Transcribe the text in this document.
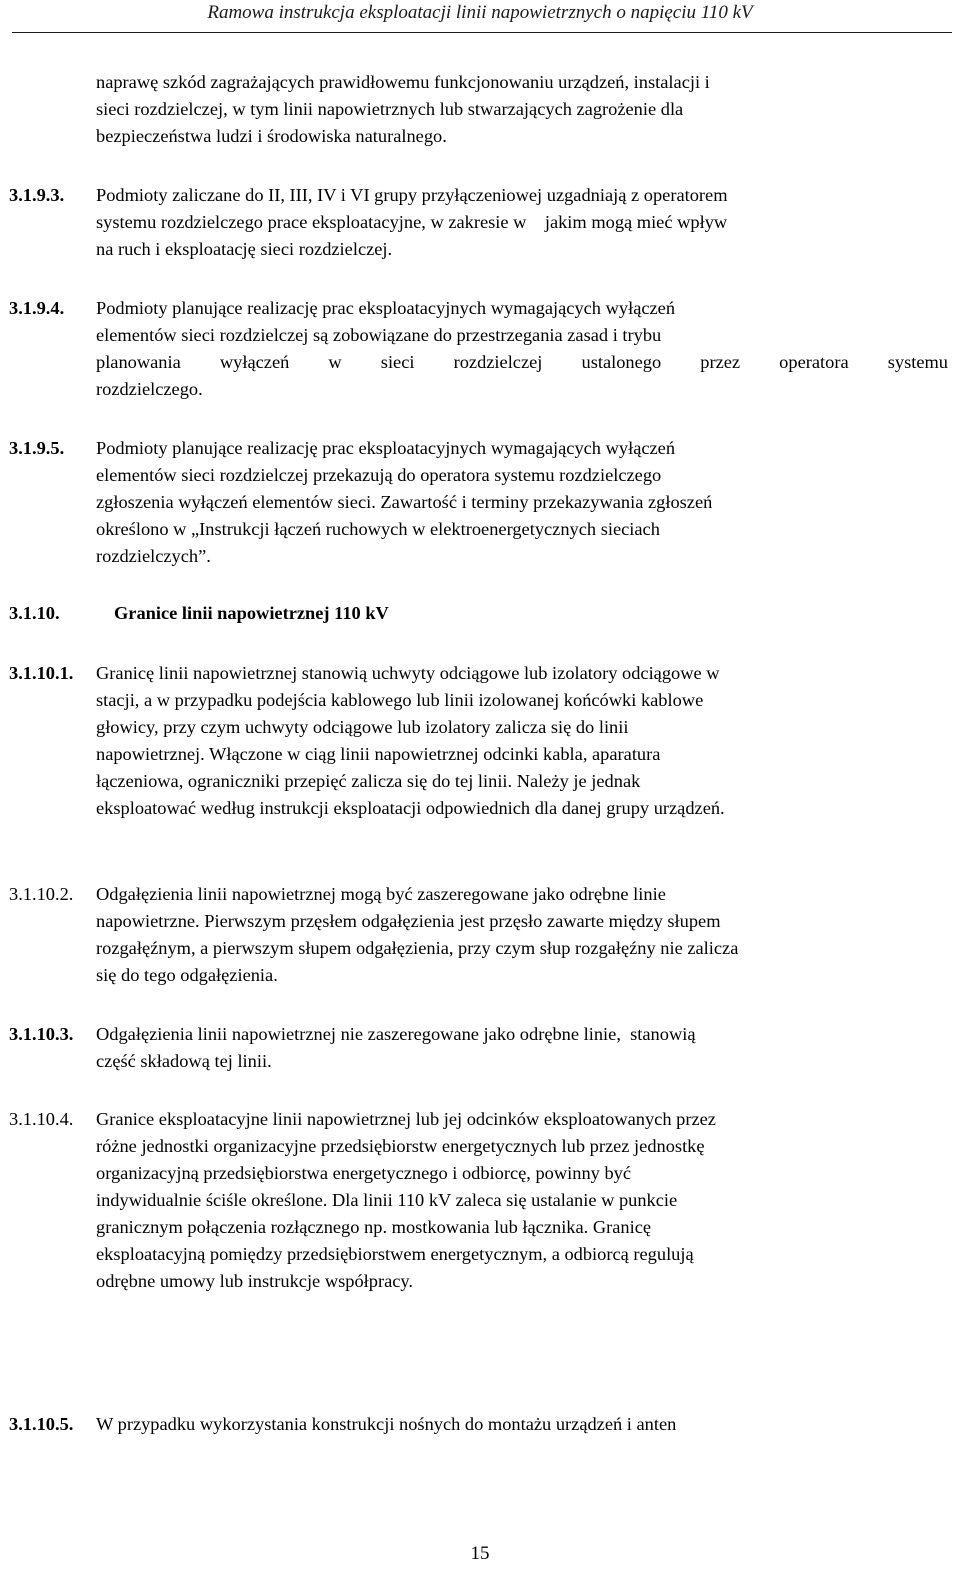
Ramowa instrukcja eksploatacji linii napowietrznych o napięciu 110 kV
naprawę szkód zagrażających prawidłowemu funkcjonowaniu urządzeń, instalacji i
sieci rozdzielczej, w tym linii napowietrznych lub stwarzających zagrożenie dla
bezpieczeństwa ludzi i środowiska naturalnego.
3.1.9.3. Podmioty zaliczane do II, III, IV i VI grupy przyłączeniowej uzgadniają z operatorem
systemu rozdzielczego prace eksploatacyjne, w zakresie w    jakim mogą mieć wpływ
na ruch i eksploatację sieci rozdzielczej.
3.1.9.4. Podmioty planujące realizację prac eksploatacyjnych wymagających wyłączeń
elementów sieci rozdzielczej są zobowiązane do przestrzegania zasad i trybu
planowania wyłączeń w sieci rozdzielczej ustalonego przez operatora systemu
rozdzielczego.
3.1.9.5. Podmioty planujące realizację prac eksploatacyjnych wymagających wyłączeń
elementów sieci rozdzielczej przekazują do operatora systemu rozdzielczego
zgłoszenia wyłączeń elementów sieci. Zawartość i terminy przekazywania zgłoszeń
określono w „Instrukcji łączeń ruchowych w elektroenergetycznych sieciach
rozdzielczych”.
3.1.10.	Granice linii napowietrznej 110 kV
3.1.10.1. Granicę linii napowietrznej stanowią uchwyty odciągowe lub izolatory odciągowe w
stacji, a w przypadku podejścia kablowego lub linii izolowanej końcówki kablowe
głowicy, przy czym uchwyty odciągowe lub izolatory zalicza się do linii
napowietrznej. Włączone w ciąg linii napowietrznej odcinki kabla, aparatura
łączeniowa, ograniczniki przepięć zalicza się do tej linii. Należy je jednak
eksploatować według instrukcji eksploatacji odpowiednich dla danej grupy urządzeń.
3.1.10.2. Odgałęzienia linii napowietrznej mogą być zaszeregowane jako odrębne linie
napowietrzne. Pierwszym przęsłem odgałęzienia jest przęsło zawarte między słupem
rozgałęźnym, a pierwszym słupem odgałęzienia, przy czym słup rozgałęźny nie zalicza
się do tego odgałęzienia.
3.1.10.3. Odgałęzienia linii napowietrznej nie zaszeregowane jako odrębne linie,  stanowią
część składową tej linii.
3.1.10.4. Granice eksploatacyjne linii napowietrznej lub jej odcinków eksploatowanych przez
różne jednostki organizacyjne przedsiębiorstw energetycznych lub przez jednostkę
organizacyjną przedsiębiorstwa energetycznego i odbiorcę, powinny być
indywidualnie ściśle określone. Dla linii 110 kV zaleca się ustalanie w punkcie
granicznym połączenia rozłącznego np. mostkowania lub łącznika. Granicę
eksploatacyjną pomiędzy przedsiębiorstwem energetycznym, a odbiorcą regulują
odrębne umowy lub instrukcje współpracy.
3.1.10.5. W przypadku wykorzystania konstrukcji nośnych do montażu urządzeń i anten
15
